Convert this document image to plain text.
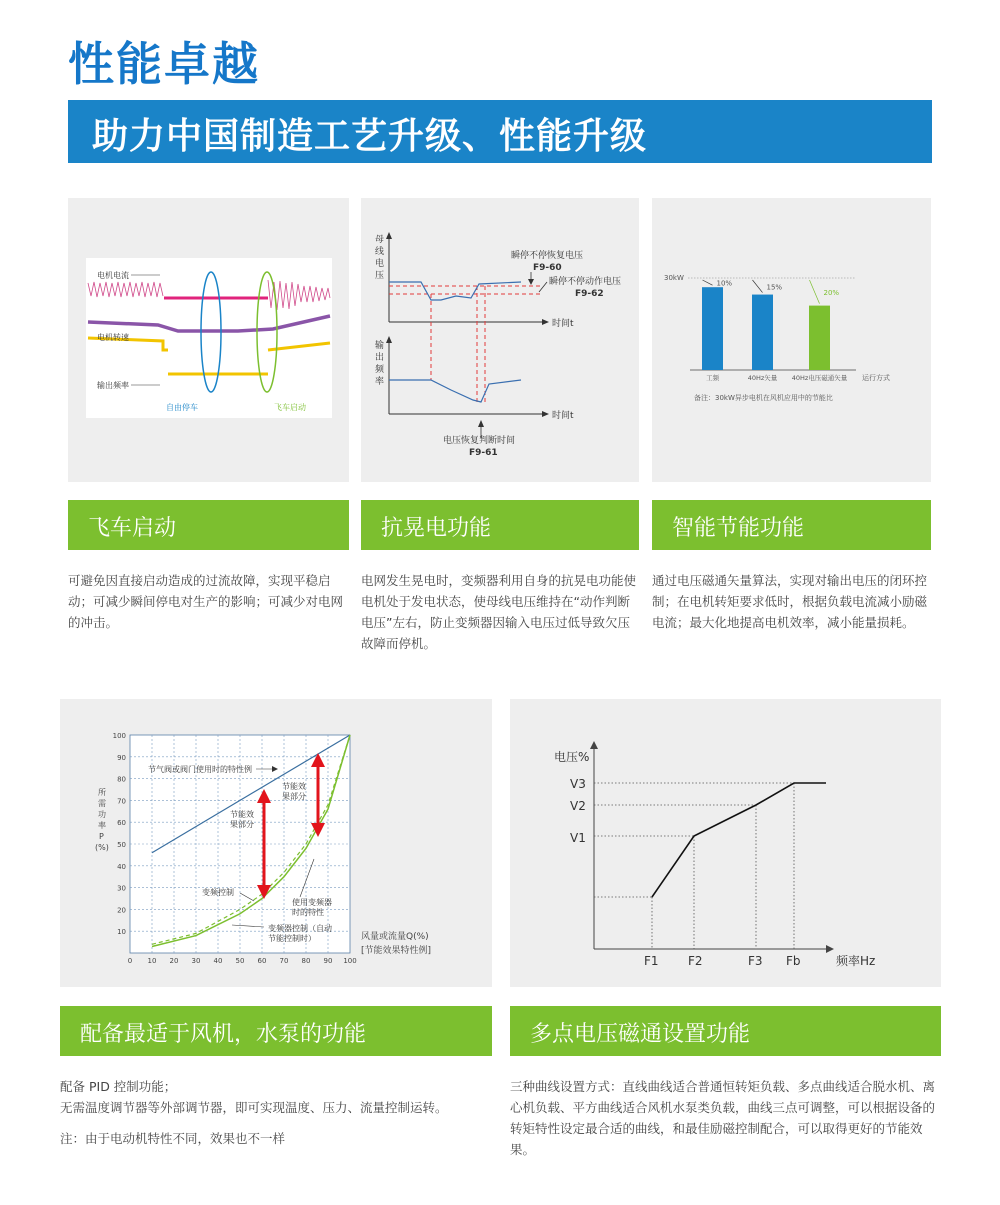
性能卓越
助力中国制造工艺升级、性能升级
电机电流
电机转速
输出频率
自由停车	飞车启动
母
线
电
压
输
出
频
率
时间t
时间t
瞬停不停恢复电压
F9-60
瞬停不停动作电压
F9-62
电压恢复判断时间
F9-61
30kW
10%
工频
15%
40Hz矢量
20%
40Hz电压磁通矢量 运行方式
备注：30kW异步电机在风机应用中的节能比
飞车启动	抗晃电功能	智能节能功能
可避免因直接启动造成的过流故障，实现平稳启动；可减少瞬间停电对生产的影响；可减少对电网的冲击。
电网发生晃电时，变频器利用自身的抗晃电功能使电机处于发电状态，使母线电压维持在“动作判断电压”左右，防止变频器因输入电压过低导致欠压故障而停机。
通过电压磁通矢量算法，实现对输出电压的闭环控制；在电机转矩要求低时，根据负载电流减小励磁电流；最大化地提高电机效率，减小能量损耗。
0 10 20 30 40 50 60 70 80 90 100
10
20
30
40
50
60
70
80
90
100
所
需
功
率
P
(%)
风量或流量Q(%)
[节能效果特性例]
节气阀或阀门使用时的特性例
节能效
果部分
节能效
果部分
变频控制
使用变频器
时的特性
变频器控制（自动
节能控制时）
电压%
频率Hz
V1
V2
V3
F1 F2	F3 Fb
配备最适于风机，水泵的功能	多点电压磁通设置功能
配备 PID 控制功能；
无需温度调节器等外部调节器，即可实现温度、压力、流量控制运转。
注：由于电动机特性不同，效果也不一样
三种曲线设置方式：直线曲线适合普通恒转矩负载、多点曲线适合脱水机、离心机负载、平方曲线适合风机水泵类负载，曲线三点可调整，可以根据设备的转矩特性设定最合适的曲线，和最佳励磁控制配合，可以取得更好的节能效果。
